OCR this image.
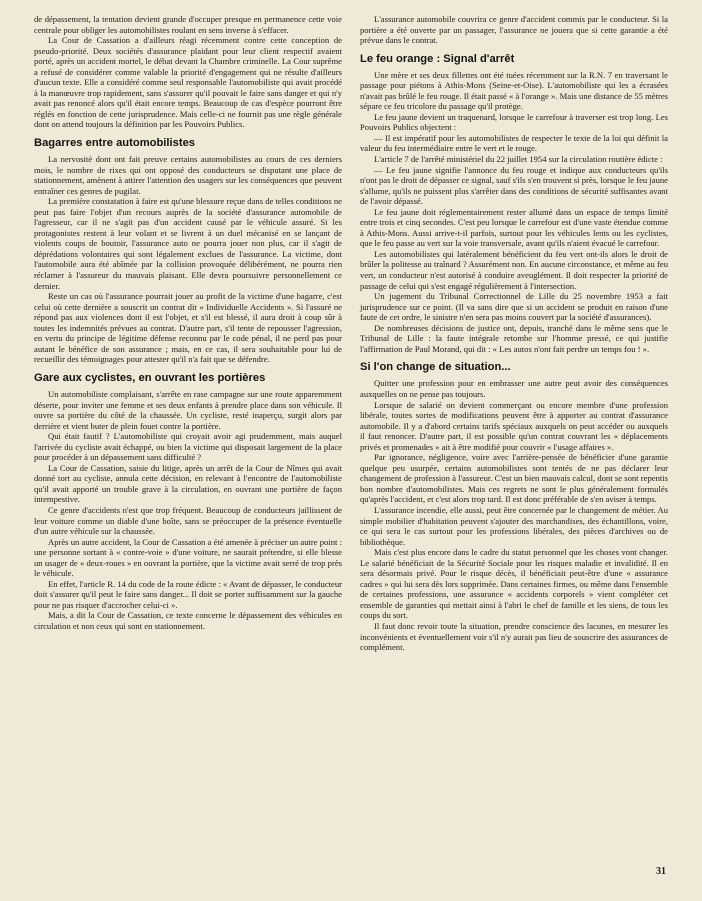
de dépassement, la tentation devient grande d'occuper presque en permanence cette voie centrale pour obliger les automobilistes roulant en sens inverse à s'effacer.

La Cour de Cassation a d'ailleurs réagi récemment contre cette conception de pseudo-priorité. Deux sociétés d'assurance plaidant pour leur client respectif avaient porté, après un accident mortel, le débat devant la Chambre criminelle. La Cour suprême a refusé de considérer comme valable la priorité d'engagement qui ne résulte d'ailleurs d'aucun texte. Elle a considéré comme seul responsable l'automobiliste qui avait procédé à la manœuvre trop rapidement, sans s'assurer qu'il pouvait le faire sans danger et qui n'y avait pas renoncé alors qu'il était encore temps. Beaucoup de cas d'espèce pourront être réglés en fonction de cette jurisprudence. Mais celle-ci ne fournit pas une règle générale dont on attend toujours la définition par les Pouvoirs Publics.

Bagarres entre automobilistes

La nervosité dont ont fait preuve certains automobilistes au cours de ces derniers mois, le nombre de rixes qui ont opposé des conducteurs se disputant une place de stationnement, amènent à attirer l'attention des usagers sur les conséquences que peuvent entraîner ces genres de pugilat.

La première constatation à faire est qu'une blessure reçue dans de telles conditions ne peut pas faire l'objet d'un recours auprès de la société d'assurance automobile de l'agresseur, car il ne s'agit pas d'un accident causé par le véhicule assuré. Si les protagonistes restent à leur volant et se livrent à un duel mécanisé en se lançant de violents coups de boutoir, l'assurance auto ne pourra jouer non plus, car il s'agit de déprédations volontaires qui sont légalement exclues de l'assurance. La victime, dont l'automobile aura été abîmée par la collision provoquée délibérément, ne pourra rien réclamer à l'assureur du mauvais plaisant. Elle devra poursuivre personnellement ce dernier.

Reste un cas où l'assurance pourrait jouer au profit de la victime d'une bagarre, c'est celui où cette dernière a souscrit un contrat dit « Individuelle Accidents ». Si l'assuré ne répond pas aux violences dont il est l'objet, et s'il est blessé, il aura droit à coup sûr à toutes les indemnités prévues au contrat. D'autre part, s'il tente de repousser l'agression, en vertu du principe de légitime défense reconnu par le code pénal, il ne perd pas pour autant le bénéfice de son assurance ; mais, en ce cas, il sera souhaitable pour lui de recueillir des témoignages pour attester qu'il n'a fait que se défendre.

Gare aux cyclistes, en ouvrant les portières

Un automobiliste complaisant, s'arrête en rase campagne sur une route apparemment déserte, pour inviter une femme et ses deux enfants à prendre place dans son véhicule. Il ouvre sa portière du côté de la chaussée. Un cycliste, resté inaperçu, surgit alors par derrière et vient buter de plein fouet contre la portière.

Qui était fautif ? L'automobiliste qui croyait avoir agi prudemment, mais auquel l'arrivée du cycliste avait échappé, ou bien la victime qui disposait largement de la place pour procéder à un dépassement sans difficulté ?

La Cour de Cassation, saisie du litige, après un arrêt de la Cour de Nîmes qui avait donné tort au cycliste, annula cette décision, en relevant à l'encontre de l'automobiliste qu'il avait apporté un trouble grave à la circulation, en ouvrant une portière de façon intempestive.

Ce genre d'accidents n'est que trop fréquent. Beaucoup de conducteurs jaillissent de leur voiture comme un diable d'une boîte, sans se préoccuper de la présence éventuelle d'un autre véhicule sur la chaussée.

Après un autre accident, la Cour de Cassation a été amenée à préciser un autre point : une personne sortant à « contre-voie » d'une voiture, ne saurait prétendre, si elle blesse un usager de « deux-roues » en ouvrant la portière, que la victime avait serré de trop près le véhicule.

En effet, l'article R. 14 du code de la route édicte : « Avant de dépasser, le conducteur doit s'assurer qu'il peut le faire sans danger... Il doit se porter suffisamment sur la gauche pour ne pas risquer d'accrocher celui-ci ».

Mais, a dit la Cour de Cassation, ce texte concerne le dépassement des véhicules en circulation et non ceux qui sont en stationnement.

L'assurance automobile couvrira ce genre d'accident commis par le conducteur. Si la portière a été ouverte par un passager, l'assurance ne jouera que si cette garantie a été prévue dans le contrat.

Le feu orange : Signal d'arrêt

Une mère et ses deux fillettes ont été tuées récemment sur la R.N. 7 en traversant le passage pour piétons à Athis-Mons (Seine-et-Oise). L'automobiliste qui les a écrasées n'avait pas brûlé le feu rouge. Il était passé « à l'orange ». Mais une distance de 55 mètres sépare ce feu tricolore du passage qu'il protège.

Le feu jaune devient un traquenard, lorsque le carrefour à traverser est trop long. Les Pouvoirs Publics objectent :

— Il est impératif pour les automobilistes de respecter le texte de la loi qui définit la valeur du feu intermédiaire entre le vert et le rouge.

L'article 7 de l'arrêté ministériel du 22 juillet 1954 sur la circulation routière édicte :

— Le feu jaune signifie l'annonce du feu rouge et indique aux conducteurs qu'ils n'ont pas le droit de dépasser ce signal, sauf s'ils s'en trouvent si près, lorsque le feu jaune s'allume, qu'ils ne puissent plus s'arrêter dans des conditions de sécurité suffisantes avant de l'avoir dépassé.

Le feu jaune doit réglementairement rester allumé dans un espace de temps limité entre trois et cinq secondes. C'est peu lorsque le carrefour est d'une vaste étendue comme à Athis-Mons. Aussi arrive-t-il parfois, surtout pour les véhicules lents ou les cyclistes, que le feu passe au vert sur la voie transversale, avant qu'ils n'aient évacué le carrefour.

Les automobilistes qui latéralement bénéficient du feu vert ont-ils alors le droit de brûler la politesse au traînard ? Assurément non. En aucune circonstance, et même au feu vert, un conducteur n'est autorisé à conduire aveuglément. Il doit respecter la priorité de passage de celui qui s'est engagé régulièrement à l'intersection.

Un jugement du Tribunal Correctionnel de Lille du 25 novembre 1953 a fait jurisprudence sur ce point. (Il va sans dire que si un accident se produit en raison d'une faute de cet ordre, le sinistre n'en sera pas moins couvert par la société d'assurances).

De nombreuses décisions de justice ont, depuis, tranché dans le même sens que le Tribunal de Lille : la faute intégrale retombe sur l'homme pressé, ce qui justifie l'affirmation de Paul Morand, qui dit : « Les autos n'ont fait perdre un temps fou ! ».

Si l'on change de situation...

Quitter une profession pour en embrasser une autre peut avoir des conséquences auxquelles on ne pense pas toujours.

Lorsque de salarié on devient commerçant ou encore membre d'une profession libérale, toutes sortes de modifications peuvent être à apporter au contrat d'assurance automobile. Il y a d'abord certains tarifs spéciaux auxquels on peut accéder ou auxquels il faut renoncer. D'autre part, il est possible qu'un contrat couvrant les « déplacements privés et promenades » ait à être modifié pour couvrir « l'usage affaires ».

Par ignorance, négligence, voire avec l'arrière-pensée de bénéficier d'une garantie quelque peu usurpée, certains automobilistes sont tentés de ne pas déclarer leur changement de profession à l'assureur. C'est un bien mauvais calcul, dont se sont repentis bon nombre d'automobilistes. Mais ces regrets ne sont le plus généralement formulés qu'après l'accident, et c'est alors trop tard. Il est donc préférable de s'en aviser à temps.

L'assurance incendie, elle aussi, peut être concernée par le changement de métier. Au simple mobilier d'habitation peuvent s'ajouter des marchandises, des échantillons, voire, ce qui sera le cas surtout pour les professions libérales, des pièces d'archives ou de bibliothèque.

Mais c'est plus encore dans le cadre du statut personnel que les choses vont changer. Le salarié bénéficiait de la Sécurité Sociale pour les risques maladie et invalidité. Il en sera désormais privé. Pour le risque décès, il bénéficiait peut-être d'une « assurance cadres » qui lui sera dès lors supprimée. Dans certaines firmes, ou même dans l'ensemble de certaines professions, une assurance « accidents corporels » vient compléter cet ensemble de garanties qui mettait ainsi à l'abri le chef de famille et les siens, de tous les coups du sort.

Il faut donc revoir toute la situation, prendre conscience des lacunes, en mesurer les inconvénients et éventuellement voir s'il n'y aurait pas lieu de souscrire des assurances de complément.

31
